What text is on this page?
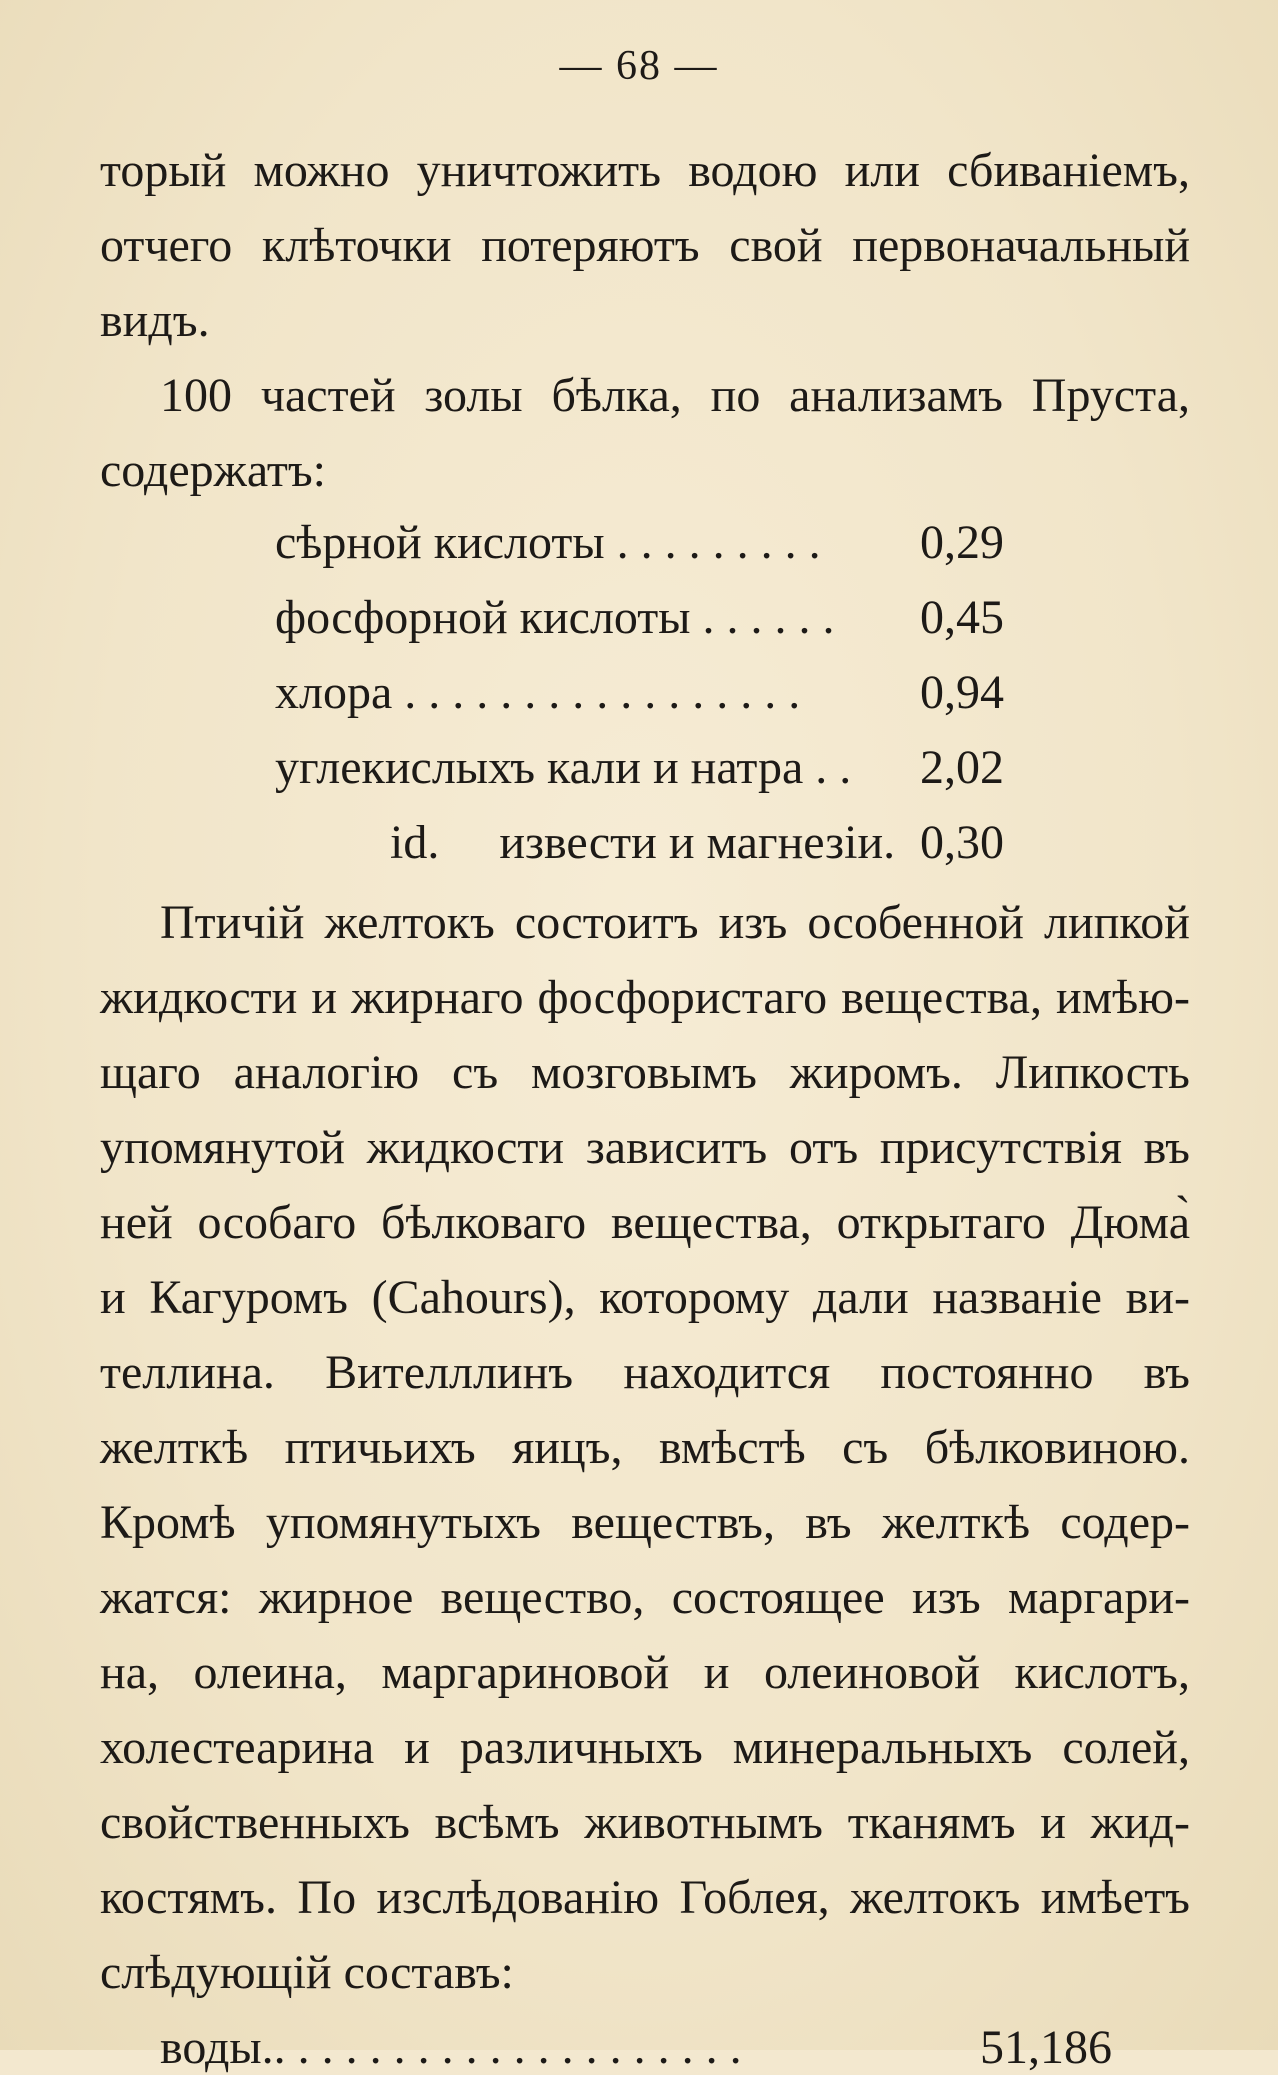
— 68 —
торый можно уничтожить водою или сбиваніемъ,
отчего клѣточки потеряютъ свой первоначальный
видъ.
100 частей золы бѣлка, по анализамъ Пруста,
содержатъ:
сѣрной кислоты . . . . . . . . . 0,29
фосфорной кислоты . . . . . . 0,45
хлора . . . . . . . . . . . . . . . . . 0,94
углекислыхъ кали и натра . . 2,02
id.     извести и магнезіи. 0,30
Птичій желтокъ состоитъ изъ особенной липкой
жидкости и жирнаго фосфористаго вещества, имѣю-
щаго аналогію съ мозговымъ жиромъ. Липкость
упомянутой жидкости зависитъ отъ присутствія въ
ней особаго бѣлковаго вещества, открытаго Дюма̀
и Кагуромъ (Cahours), которому дали названіе ви-
теллина. Вителллинъ находится постоянно въ
желткѣ птичьихъ яицъ, вмѣстѣ съ бѣлковиною.
Кромѣ упомянутыхъ веществъ, въ желткѣ содер-
жатся: жирное вещество, состоящее изъ маргари-
на, олеина, маргариновой и олеиновой кислотъ,
холестеарина и различныхъ минеральныхъ солей,
свойственныхъ всѣмъ животнымъ тканямъ и жид-
костямъ. По изслѣдованію Гоблея, желтокъ имѣетъ
слѣдующій составъ:
воды.. . . . . . . . . . . . . . . . . . . .	51,186
